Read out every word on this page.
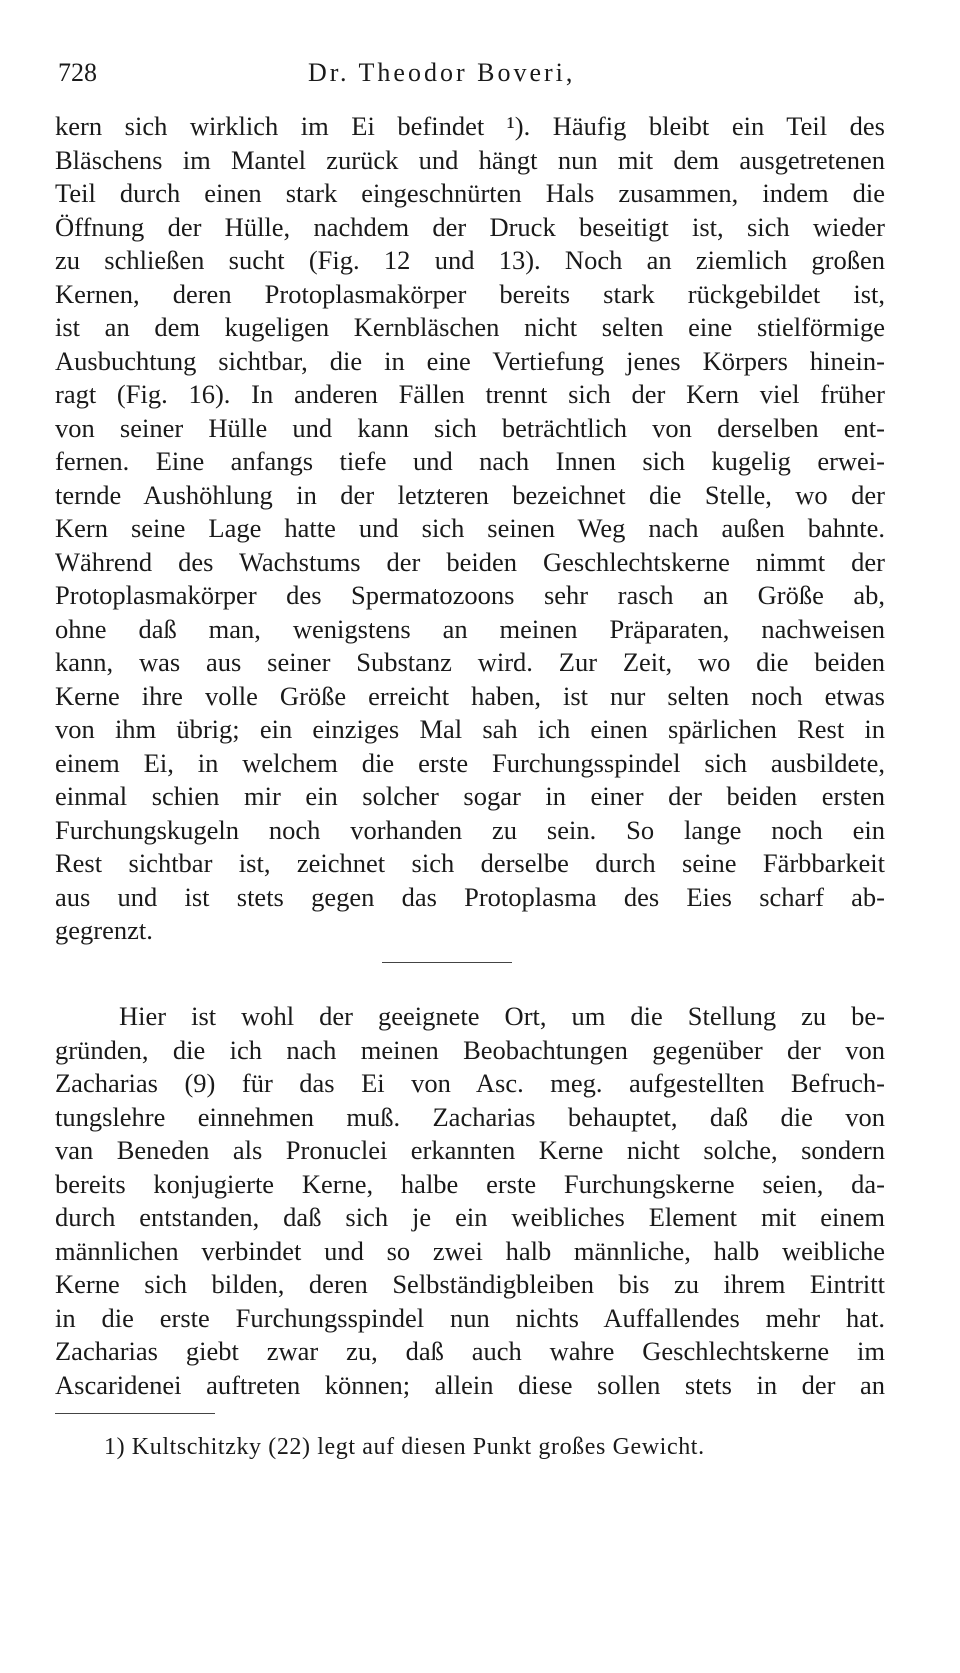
728	Dr. Theodor Boveri,
kern sich wirklich im Ei befindet ¹). Häufig bleibt ein Teil des
Bläschens im Mantel zurück und hängt nun mit dem ausgetretenen
Teil durch einen stark eingeschnürten Hals zusammen, indem die
Öffnung der Hülle, nachdem der Druck beseitigt ist, sich wieder
zu schließen sucht (Fig. 12 und 13). Noch an ziemlich großen
Kernen, deren Protoplasmakörper bereits stark rückgebildet ist,
ist an dem kugeligen Kernbläschen nicht selten eine stielförmige
Ausbuchtung sichtbar, die in eine Vertiefung jenes Körpers hinein-
ragt (Fig. 16). In anderen Fällen trennt sich der Kern viel früher
von seiner Hülle und kann sich beträchtlich von derselben ent-
fernen. Eine anfangs tiefe und nach Innen sich kugelig erwei-
ternde Aushöhlung in der letzteren bezeichnet die Stelle, wo der
Kern seine Lage hatte und sich seinen Weg nach außen bahnte.
Während des Wachstums der beiden Geschlechtskerne nimmt der
Protoplasmakörper des Spermatozoons sehr rasch an Größe ab,
ohne daß man, wenigstens an meinen Präparaten, nachweisen
kann, was aus seiner Substanz wird. Zur Zeit, wo die beiden
Kerne ihre volle Größe erreicht haben, ist nur selten noch etwas
von ihm übrig; ein einziges Mal sah ich einen spärlichen Rest in
einem Ei, in welchem die erste Furchungsspindel sich ausbildete,
einmal schien mir ein solcher sogar in einer der beiden ersten
Furchungskugeln noch vorhanden zu sein. So lange noch ein
Rest sichtbar ist, zeichnet sich derselbe durch seine Färbbarkeit
aus und ist stets gegen das Protoplasma des Eies scharf ab-
gegrenzt.
Hier ist wohl der geeignete Ort, um die Stellung zu be-
gründen, die ich nach meinen Beobachtungen gegenüber der von
Zacharias (9) für das Ei von Asc. meg. aufgestellten Befruch-
tungslehre einnehmen muß. Zacharias behauptet, daß die von
van Beneden als Pronuclei erkannten Kerne nicht solche, sondern
bereits konjugierte Kerne, halbe erste Furchungskerne seien, da-
durch entstanden, daß sich je ein weibliches Element mit einem
männlichen verbindet und so zwei halb männliche, halb weibliche
Kerne sich bilden, deren Selbständigbleiben bis zu ihrem Eintritt
in die erste Furchungsspindel nun nichts Auffallendes mehr hat.
Zacharias giebt zwar zu, daß auch wahre Geschlechtskerne im
Ascaridenei auftreten können; allein diese sollen stets in der an
1) Kultschitzky (22) legt auf diesen Punkt großes Gewicht.
